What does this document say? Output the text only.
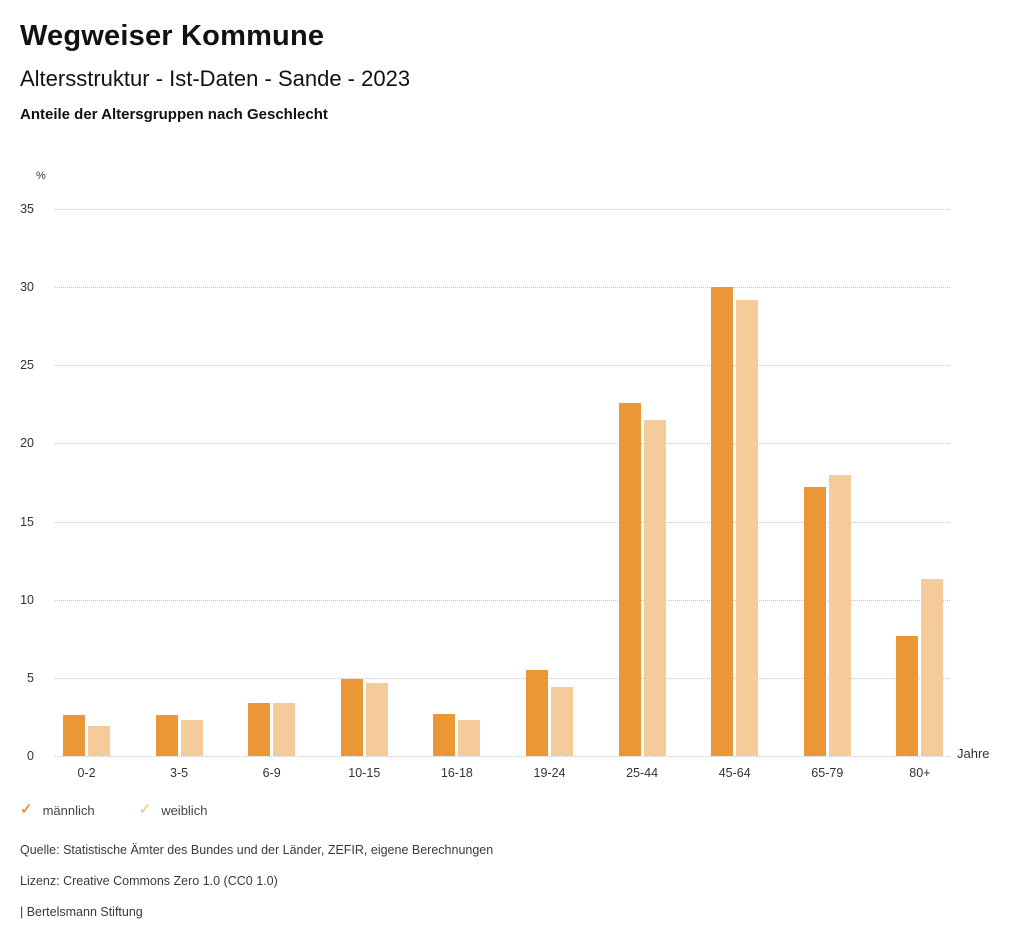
Wegweiser Kommune
Altersstruktur - Ist-Daten - Sande - 2023
Anteile der Altersgruppen nach Geschlecht
%
Jahre
0
5
10
15
20
25
30
35
0-2	3-5	6-9	10-15	16-18	19-24	25-44	45-64	65-79	80+
✓ männlich	✓ weiblich
Quelle: Statistische Ämter des Bundes und der Länder, ZEFIR, eigene Berechnungen
Lizenz: Creative Commons Zero 1.0 (CC0 1.0)
| Bertelsmann Stiftung
